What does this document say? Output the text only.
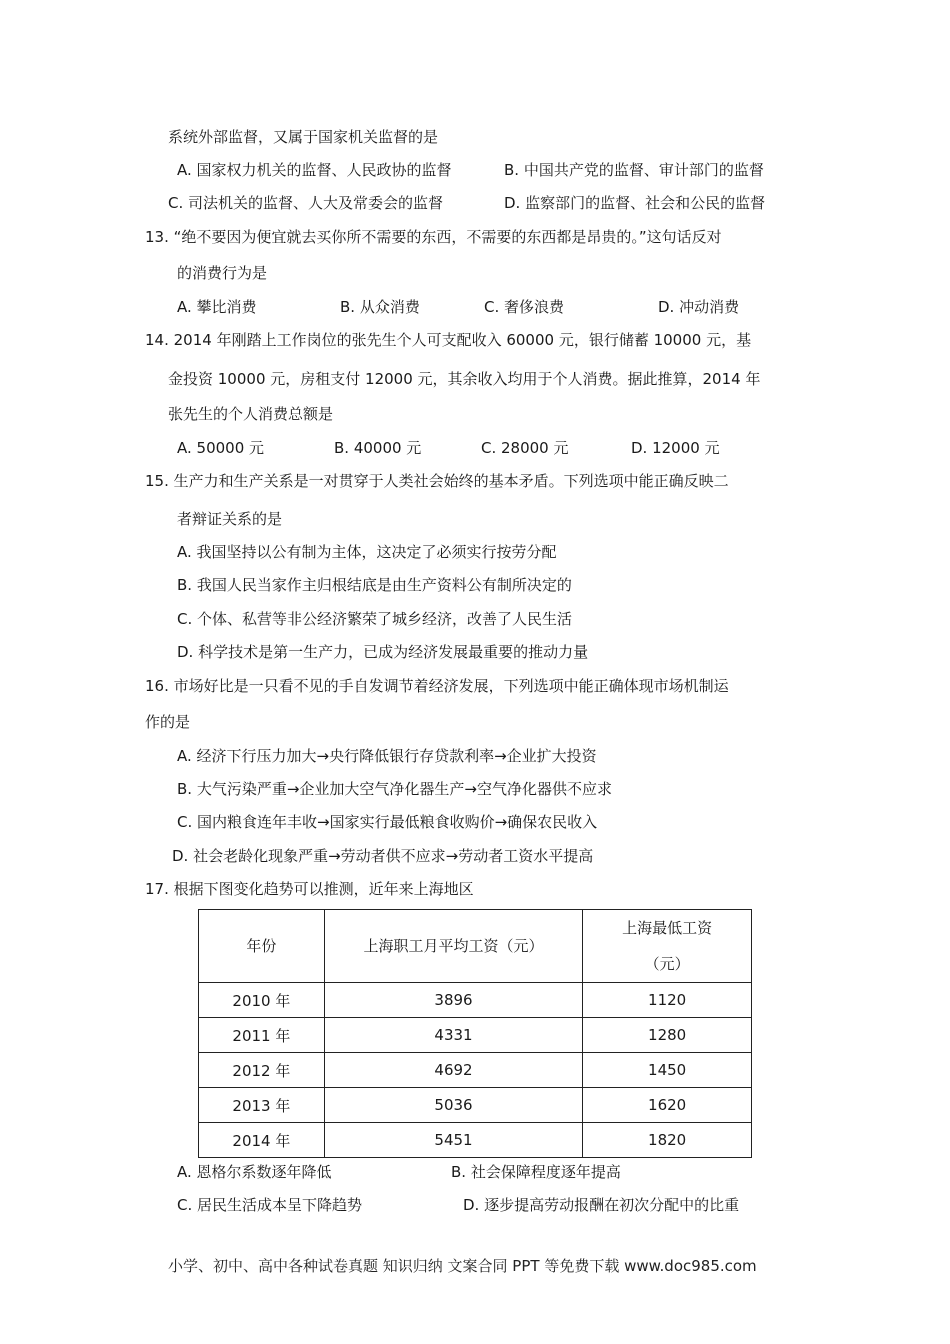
系统外部监督，又属于国家机关监督的是
A. 国家权力机关的监督、人民政协的监督	B. 中国共产党的监督、审计部门的监督
C. 司法机关的监督、人大及常委会的监督	D. 监察部门的监督、社会和公民的监督
13. “绝不要因为便宜就去买你所不需要的东西，不需要的东西都是昂贵的。”这句话反对
的消费行为是
A. 攀比消费	B. 从众消费	C. 奢侈浪费	D. 冲动消费
14. 2014 年刚踏上工作岗位的张先生个人可支配收入 60000 元，银行储蓄 10000 元，基
金投资 10000 元，房租支付 12000 元，其余收入均用于个人消费。据此推算，2014 年
张先生的个人消费总额是
A. 50000 元	B. 40000 元	C. 28000 元	D. 12000 元
15. 生产力和生产关系是一对贯穿于人类社会始终的基本矛盾。下列选项中能正确反映二
者辩证关系的是
A. 我国坚持以公有制为主体，这决定了必须实行按劳分配
B. 我国人民当家作主归根结底是由生产资料公有制所决定的
C. 个体、私营等非公经济繁荣了城乡经济，改善了人民生活
D. 科学技术是第一生产力，已成为经济发展最重要的推动力量
16. 市场好比是一只看不见的手自发调节着经济发展，下列选项中能正确体现市场机制运
作的是
A. 经济下行压力加大→央行降低银行存贷款利率→企业扩大投资
B. 大气污染严重→企业加大空气净化器生产→空气净化器供不应求
C. 国内粮食连年丰收→国家实行最低粮食收购价→确保农民收入
D. 社会老龄化现象严重→劳动者供不应求→劳动者工资水平提高
17. 根据下图变化趋势可以推测，近年来上海地区
年份	上海职工月平均工资（元）	上海最低工资
（元）

2010 年	3896	1120
2011 年	4331	1280
2012 年	4692	1450
2013 年	5036	1620
2014 年	5451	1820
A. 恩格尔系数逐年降低	B. 社会保障程度逐年提高
C. 居民生活成本呈下降趋势	D. 逐步提高劳动报酬在初次分配中的比重
小学、初中、高中各种试卷真题 知识归纳 文案合同 PPT 等免费下载 www.doc985.com
